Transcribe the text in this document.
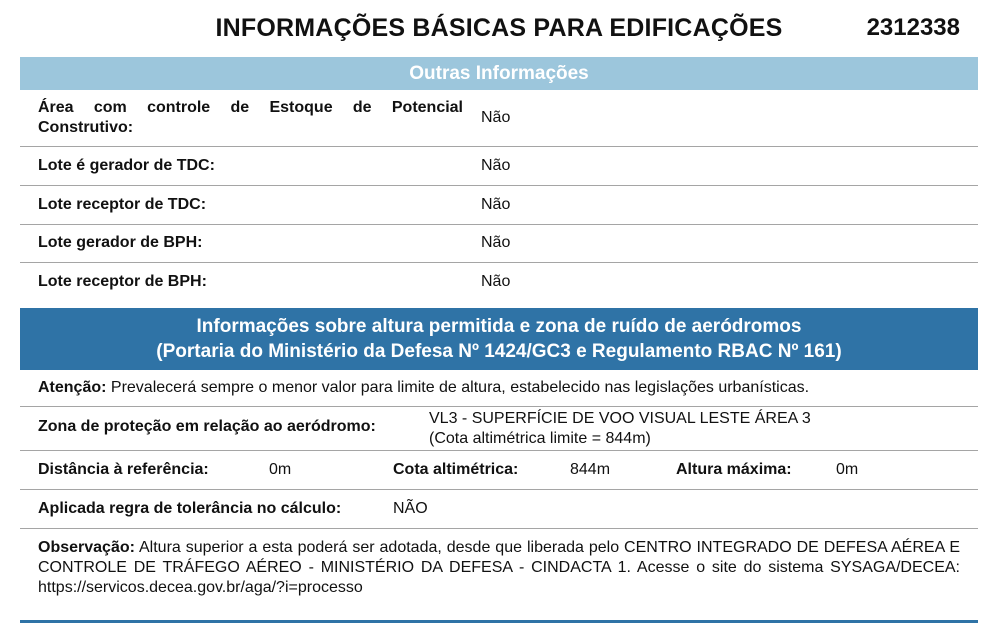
INFORMAÇÕES BÁSICAS PARA EDIFICAÇÕES	2312338
Outras Informações
Área com controle de Estoque de Potencial Construtivo:
Não
Lote é gerador de TDC:	Não
Lote receptor de TDC:	Não
Lote gerador de BPH:	Não
Lote receptor de BPH:	Não
Informações sobre altura permitida e zona de ruído de aeródromos
(Portaria do Ministério da Defesa Nº 1424/GC3 e Regulamento RBAC Nº 161)
Atenção: Prevalecerá sempre o menor valor para limite de altura, estabelecido nas legislações urbanísticas.
Zona de proteção em relação ao aeródromo:	VL3 - SUPERFÍCIE DE VOO VISUAL LESTE ÁREA 3
(Cota altimétrica limite = 844m)
Distância à referência:	0m	Cota altimétrica:	844m	Altura máxima:	0m
Aplicada regra de tolerância no cálculo:	NÃO
Observação: Altura superior a esta poderá ser adotada, desde que liberada pelo CENTRO INTEGRADO DE DEFESA AÉREA E CONTROLE DE TRÁFEGO AÉREO - MINISTÉRIO DA DEFESA - CINDACTA 1. Acesse o site do sistema SYSAGA/DECEA: https://servicos.decea.gov.br/aga/?i=processo
